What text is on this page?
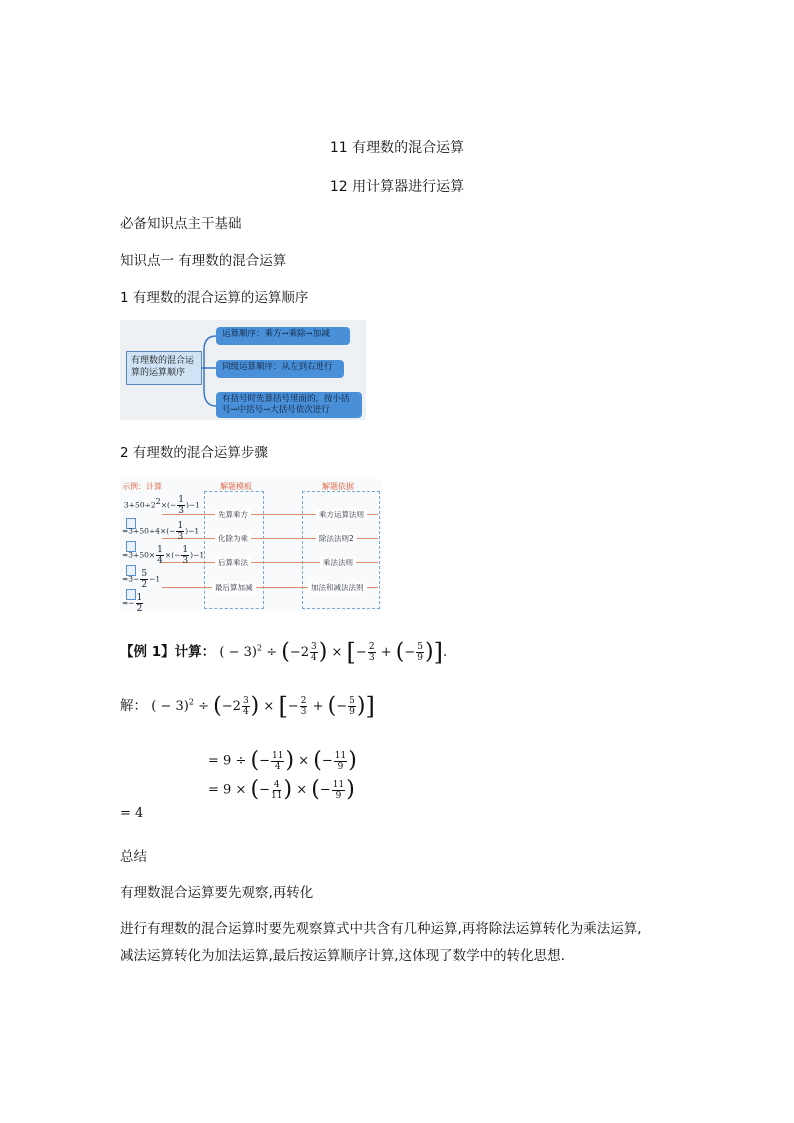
11 有理数的混合运算
12 用计算器进行运算
必备知识点主干基础
知识点一 有理数的混合运算
1 有理数的混合运算的运算顺序
有理数的混合运
算的运算顺序
运算顺序：乘方→乘除→加减
同级运算顺序：从左到右进行
有括号时先算括号里面的，按小括
号→中括号→大括号依次进行
2 有理数的混合运算步骤
示例：计算	解题模板	解题依据
先算乘方
化除为乘
后算乘法
最后算加减
乘方运算法则
除法法则2
乘法法则
加法和减法法则
$3+50\div 2^2\times(- \frac{1}{3} )-1$
$=3+50\div 4\times(- \frac{1}{3} )-1$
$=3+50\times \frac{1}{4}$ ×(− $\frac{1}{3} )-1$
$=3- \frac{5}{2} -1$
=− $\frac{1}{2}$
【例 1】计算： ( − $3)^2 \div (-2 \frac{3}{4}$ ) × [− $\frac{2}{3}$ + (− $\frac{5}{9}$ )].
解： ( − $3)^2 \div (-2 \frac{3}{4}$ ) × [− $\frac{2}{3}$ + (− $\frac{5}{9}$ )]
= 9 ÷ (− $\frac{11}{4}$ ) × (− $\frac{11}{9}$ )
= 9 × (− $\frac{4}{11}$ ) × (− $\frac{11}{9}$ )
= 4
总结
有理数混合运算要先观察,再转化
进行有理数的混合运算时要先观察算式中共含有几种运算,再将除法运算转化为乘法运算,
减法运算转化为加法运算,最后按运算顺序计算,这体现了数学中的转化思想.
